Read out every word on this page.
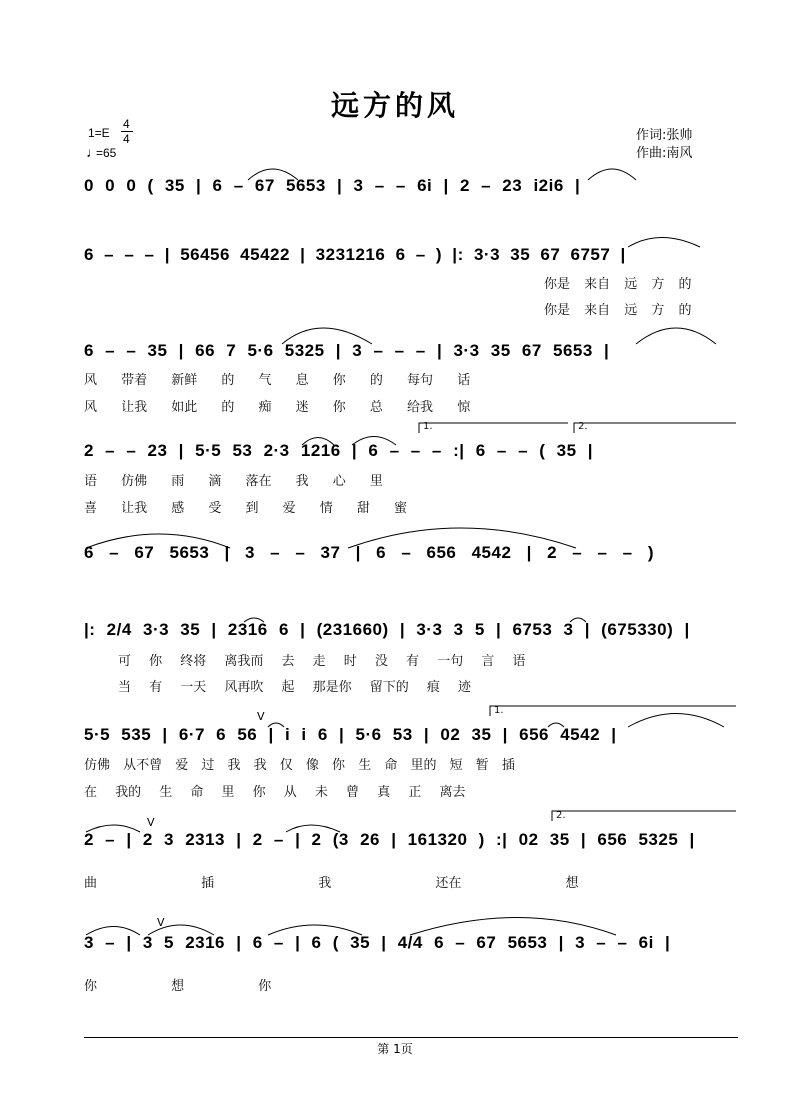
远方的风
1=E
4
4
♩
=65
作词:张帅
作曲:南风
0 0 0 ( 35 | 6 – 67 5653 | 3 – – 6i | 2 – 23 i2i6 |
6 – – – | 56456 45422 | 3231216 6 – ) |: 3·3 35 67 6757 |
你是 来自 远 方 的
你是 来自 远 方 的
6 – – 35 | 66 7 5·6 5325 | 3 – – – | 3·3 35 67 5653 |
风 带着 新鲜 的 气 息 你 的 每句 话
风 让我 如此 的 痴 迷 你 总 给我 惊
1.	2.
2 – – 23 | 5·5 53 2·3 1216 | 6 – – – :| 6 – – ( 35 |
语 仿佛 雨 滴 落在 我 心 里
喜 让我 感 受 到 爱 情 甜 蜜
6 – 67 5653 | 3 – – 37 | 6 – 656 4542 | 2 – – – )
|: 2/4 3·3 35 | 2316 6 | (231660) | 3·3 3 5 | 6753 3 | (675330) |
可 你 终将 离我而 去 走 时 没 有 一句 言 语
当 有 一天 风再吹 起 那是你 留下的 痕 迹
1.
5·5 535 | 6·7 6 56 | i i 6 | 5·6 53 | 02 35 | 656 4542 |
仿佛 从不曾 爱 过 我 我 仅 像 你 生 命 里的 短 暂 插
在 我的 生 命 里 你 从 未 曾 真 正 离去
2.
2 – | 2 3 2313 | 2 – | 2 (3 26 | 161320 ) :| 02 35 | 656 5325 |
曲 插 我 还在 想
3 – | 3 5 2316 | 6 – | 6 ( 35 | 4/4 6 – 67 5653 | 3 – – 6i |
你 想 你
V
V
V
第 1页
